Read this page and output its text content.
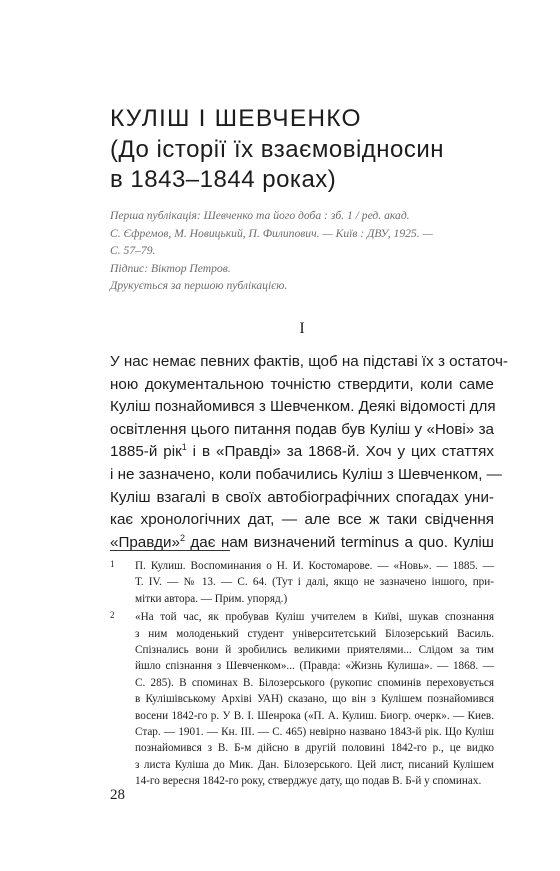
КУЛІШ І ШЕВЧЕНКО
(До історії їх взаємовідносин
в 1843–1844 роках)

Перша публікація: Шевченко та його доба : зб. 1 / ред. акад.

С. Єфремов, М. Новицький, П. Филипович. — Київ : ДВУ, 1925. —

С. 57–79.

Підпис: Віктор Петров.

Друкується за першою публікацією.

I

У нас немає певних фактів, щоб на підставі їх з остаточ-
ною документальною точністю ствердити, коли саме
Куліш познайомився з Шевченком. Деякі відомості для
освітлення цього питання подав був Куліш у «Нові» за
1885-й рік$^1$ і в «Правді» за 1868-й. Хоч у цих статтях
і не зазначено, коли побачились Куліш з Шевченком, —
Куліш взагалі в своїх автобіографічних спогадах уни-
кає хронологічних дат, — але все ж таки свідчення
«Правди»$^2$ дає нам визначений terminus a quo. Куліш
1 П. Кулиш. Воспоминания о Н. И. Костомарове. — «Новь». — 1885. —
Т. IV. — № 13. — С. 64. (Тут і далі, якщо не зазначено іншого, при-
мітки автора. — Прим. упоряд.)
2 «На той час, як пробував Куліш учителем в Київі, шукав спознання
з ним молоденький студент університетський Білозерський Василь.
Спізнались вони й зробились великими приятелями... Слідом за тим
йшло спізнання з Шевченком»... (Правда: «Жизнь Кулиша». — 1868. —
С. 285). В споминах В. Білозерського (рукопис споминів переховується
в Кулішівському Архіві УАН) сказано, що він з Кулішем познайомився
восени 1842-го р. У В. І. Шенрока («П. А. Кулиш. Биогр. очерк». — Киев.
Стар. — 1901. — Кн. III. — С. 465) невірно названо 1843-й рік. Що Куліш
познайомився з В. Б-м дійсно в другій половині 1842-го р., це видко
з листа Куліша до Мик. Дан. Білозерського. Цей лист, писаний Кулішем
14-го вересня 1842-го року, стверджує дату, що подав В. Б-й у споминах.

28
